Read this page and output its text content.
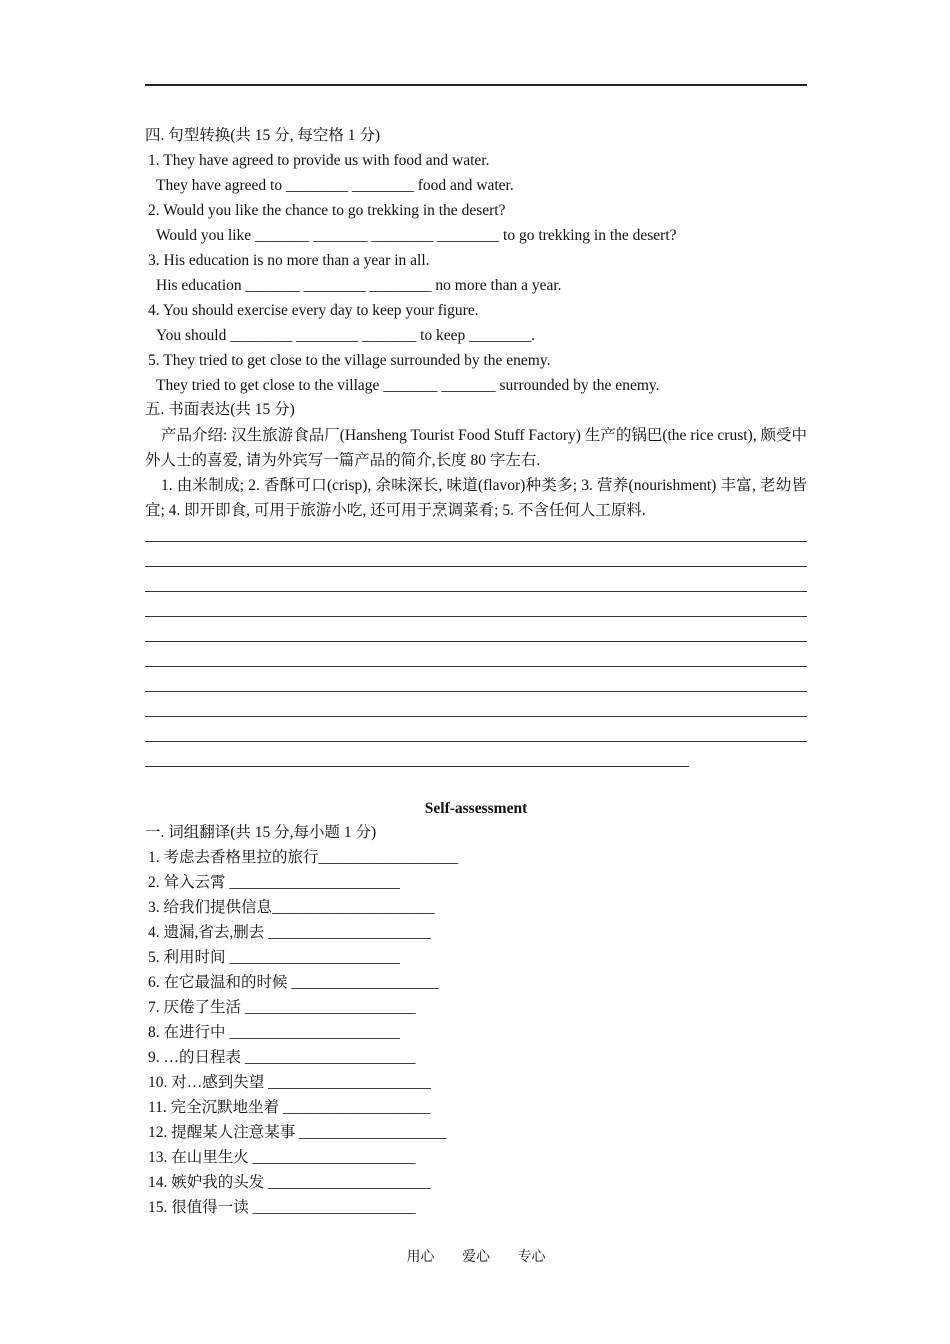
四. 句型转换(共 15 分, 每空格 1 分)
1. They have agreed to provide us with food and water.
They have agreed to ________ ________ food and water.
2. Would you like the chance to go trekking in the desert?
Would you like _______ _______ ________ ________ to go trekking in the desert?
3. His education is no more than a year in all.
His education _______ ________ ________ no more than a year.
4. You should exercise every day to keep your figure.
You should ________ ________ _______ to keep ________.
5. They tried to get close to the village surrounded by the enemy.
They tried to get close to the village _______ _______ surrounded by the enemy.
五. 书面表达(共 15 分)
产品介绍: 汉生旅游食品厂(Hansheng Tourist Food Stuff Factory) 生产的锅巴(the rice crust), 颇受中外人士的喜爱, 请为外宾写一篇产品的简介,长度 80 字左右.
1. 由米制成; 2. 香酥可口(crisp), 余味深长, 味道(flavor)种类多; 3. 营养(nourishment) 丰富, 老幼皆宜; 4. 即开即食, 可用于旅游小吃, 还可用于烹调菜肴; 5. 不含任何人工原料.
Self-assessment
一. 词组翻译(共 15 分,每小题 1 分)
1. 考虑去香格里拉的旅行__________________
2. 耸入云霄 ______________________
3. 给我们提供信息_____________________
4. 遗漏,省去,删去 _____________________
5. 利用时间 ______________________
6. 在它最温和的时候 ___________________
7. 厌倦了生活 ______________________
8. 在进行中 ______________________
9. …的日程表 ______________________
10. 对…感到失望 _____________________
11. 完全沉默地坐着 ___________________
12. 提醒某人注意某事 ___________________
13. 在山里生火 _____________________
14. 嫉妒我的头发 _____________________
15. 很值得一读 _____________________
用心 爱心 专心
